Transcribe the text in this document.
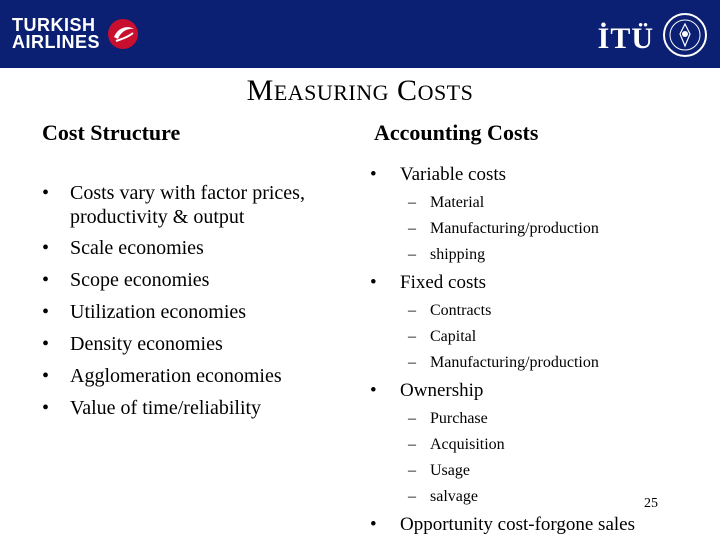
TURKISH
AIRLINES	İTÜ
MEASURING COSTS
Cost Structure	Accounting Costs
• Costs vary with factor prices, productivity & output
• Scale economies
• Scope economies
• Utilization economies
• Density economies
• Agglomeration economies
• Value of time/reliability
• Variable costs
– Material
– Manufacturing/production
– shipping
• Fixed costs
– Contracts
– Capital
– Manufacturing/production
• Ownership
– Purchase
– Acquisition
– Usage
– salvage
• Opportunity cost-forgone sales
25
